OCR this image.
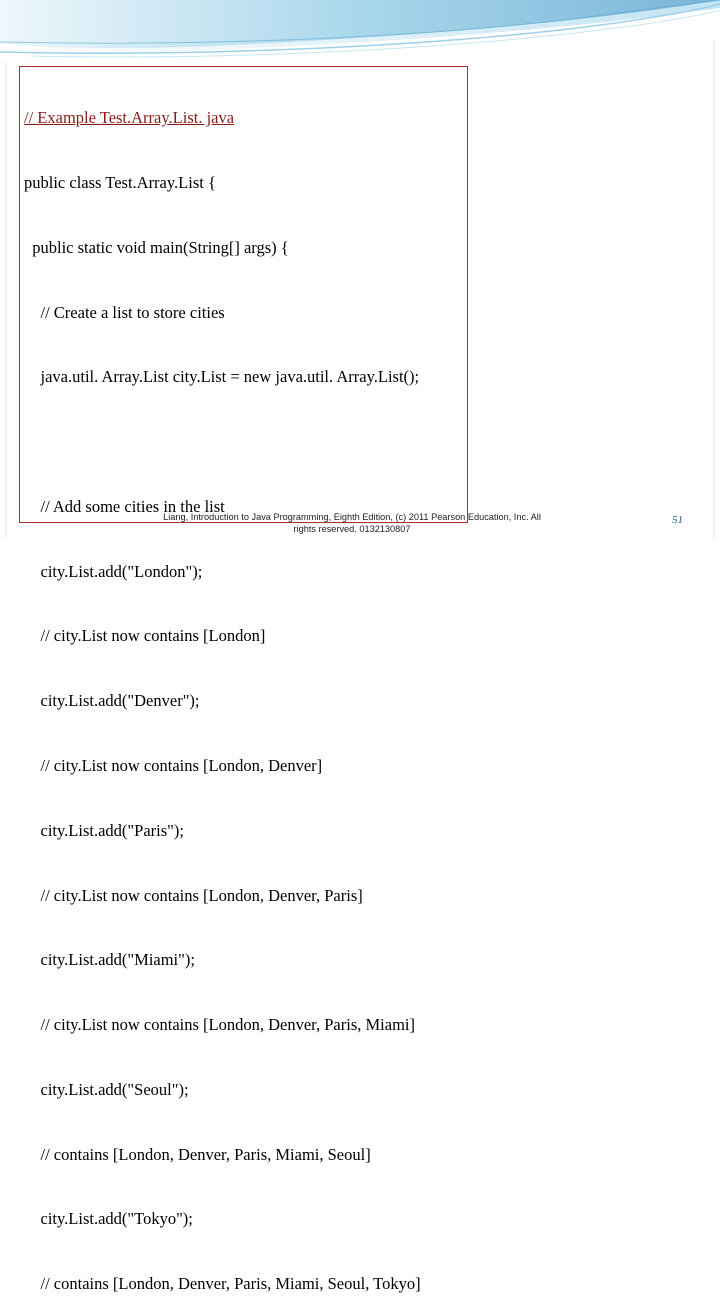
// Example Test.Array.List. java

public class Test.Array.List {

public static void main(String[] args) {

// Create a list to store cities

java.util. Array.List city.List = new java.util. Array.List();

// Add some cities in the list

city.List.add("London");

// city.List now contains [London]

city.List.add("Denver");

// city.List now contains [London, Denver]

city.List.add("Paris");

// city.List now contains [London, Denver, Paris]

city.List.add("Miami");

// city.List now contains [London, Denver, Paris, Miami]

city.List.add("Seoul");

// contains [London, Denver, Paris, Miami, Seoul]

city.List.add("Tokyo");

// contains [London, Denver, Paris, Miami, Seoul, Tokyo]

Liang, Introduction to Java Programming, Eighth Edition, (c) 2011 Pearson Education, Inc. All
rights reserved. 0132130807
51
